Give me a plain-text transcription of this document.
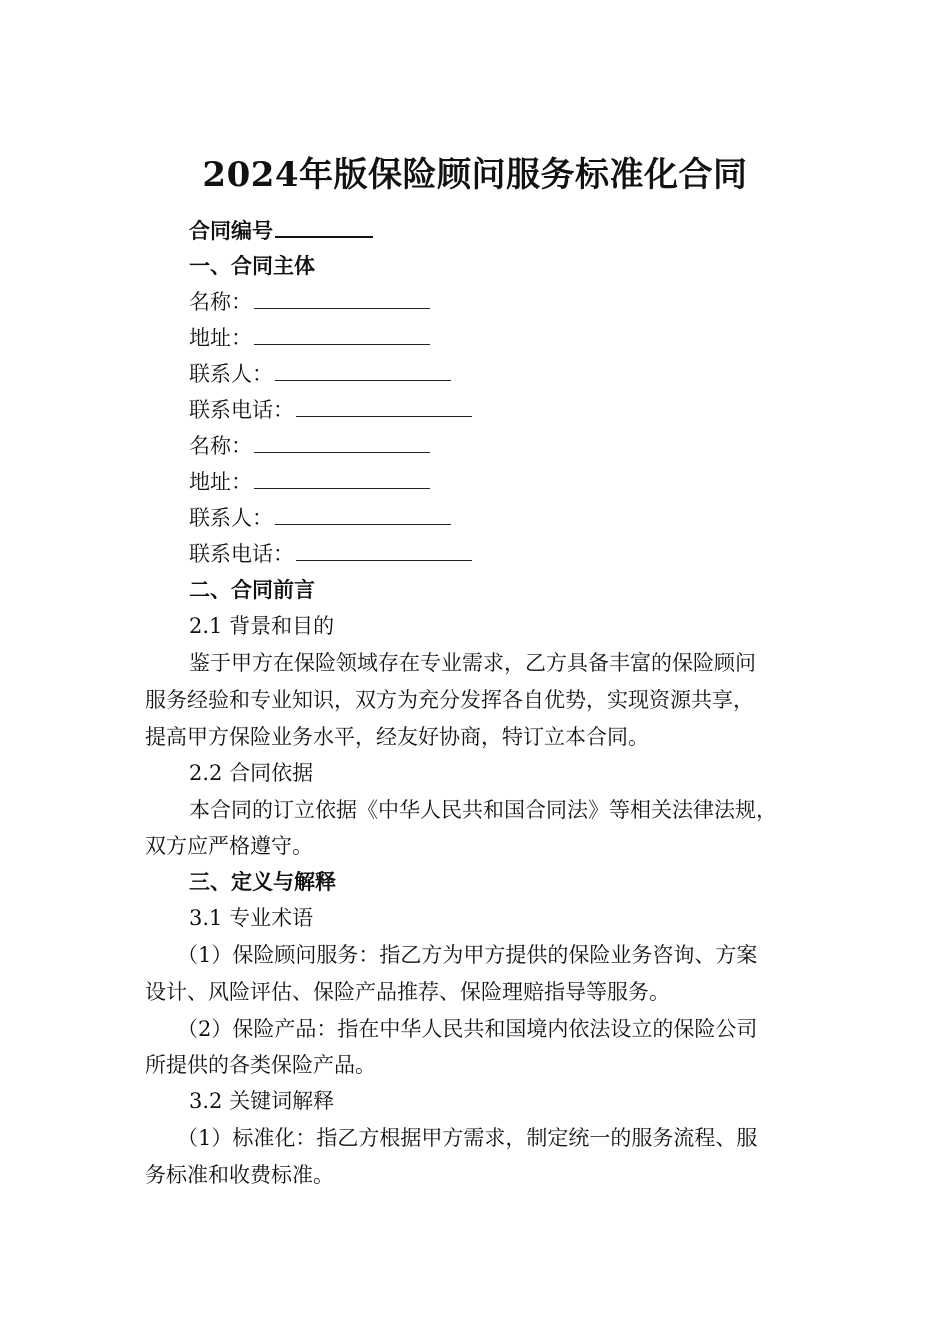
2024年版保险顾问服务标准化合同
合同编号
一、合同主体
名称：
地址：
联系人：
联系电话：
名称：
地址：
联系人：
联系电话：
二、合同前言
2.1 背景和目的
鉴于甲方在保险领域存在专业需求，乙方具备丰富的保险顾问
服务经验和专业知识，双方为充分发挥各自优势，实现资源共享，
提高甲方保险业务水平，经友好协商，特订立本合同。
2.2 合同依据
本合同的订立依据《中华人民共和国合同法》等相关法律法规，
双方应严格遵守。
三、定义与解释
3.1 专业术语
（1）保险顾问服务：指乙方为甲方提供的保险业务咨询、方案
设计、风险评估、保险产品推荐、保险理赔指导等服务。
（2）保险产品：指在中华人民共和国境内依法设立的保险公司
所提供的各类保险产品。
3.2 关键词解释
（1）标准化：指乙方根据甲方需求，制定统一的服务流程、服
务标准和收费标准。
